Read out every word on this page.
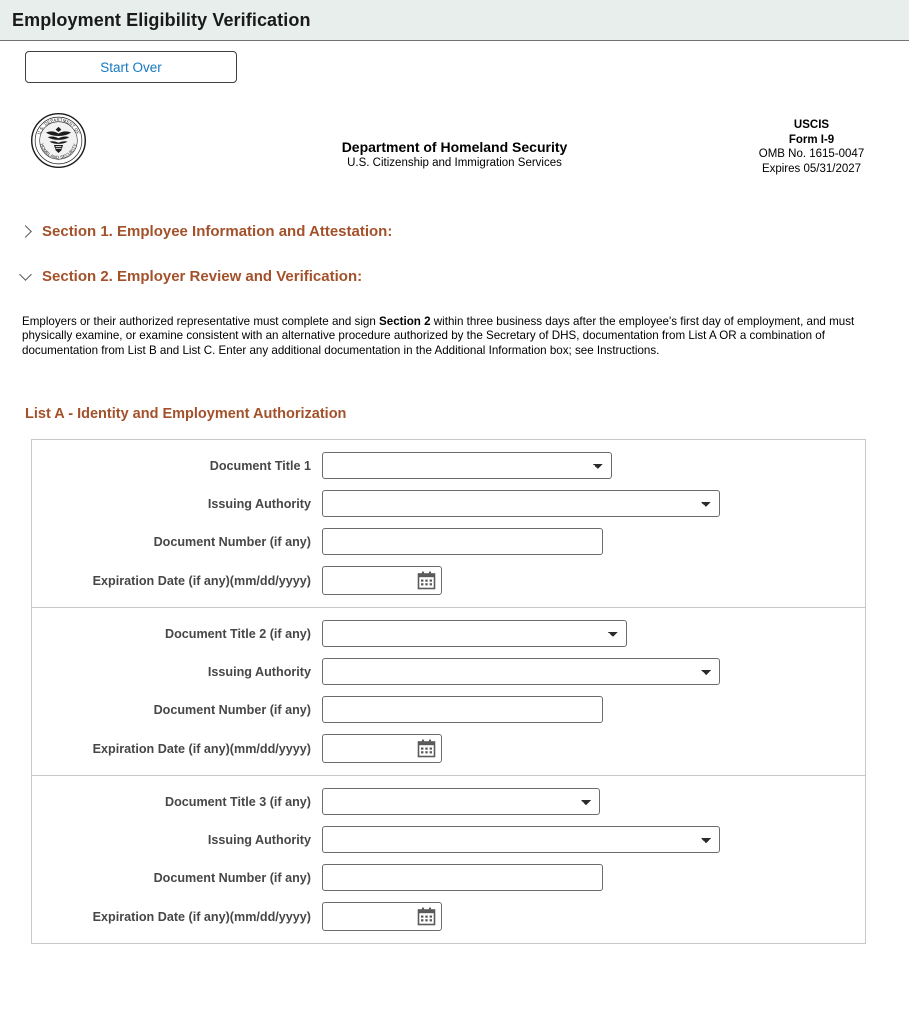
Employment Eligibility Verification
Start Over
U.S. DEPARTMENT OF
HOMELAND SECURITY	Department of Homeland Security
U.S. Citizenship and Immigration Services
USCIS
Form I-9
OMB No. 1615-0047
Expires 05/31/2027
Section 1. Employee Information and Attestation:
Section 2. Employer Review and Verification:

Employers or their authorized representative must complete and sign Section 2 within three business days after the employee's first day of employment, and must physically examine, or examine consistent with an alternative procedure authorized by the Secretary of DHS, documentation from List A OR a combination of documentation from List B and List C. Enter any additional documentation in the Additional Information box; see Instructions.

List A - Identity and Employment Authorization
Document Title 1
Issuing Authority
Document Number (if any)
Expiration Date (if any)(mm/dd/yyyy)
Document Title 2 (if any)
Issuing Authority
Document Number (if any)
Expiration Date (if any)(mm/dd/yyyy)
Document Title 3 (if any)
Issuing Authority
Document Number (if any)
Expiration Date (if any)(mm/dd/yyyy)
